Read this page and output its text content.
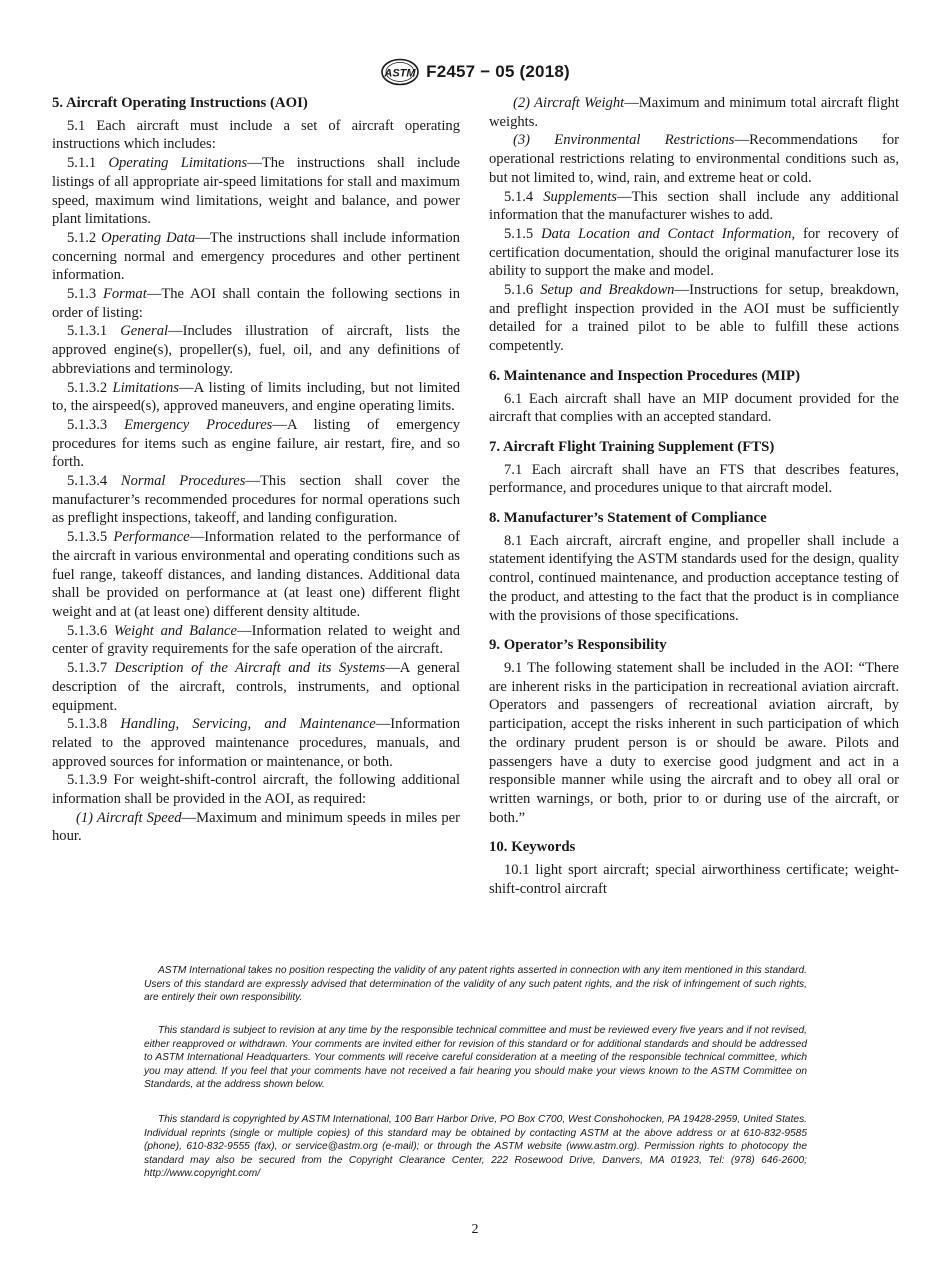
ASTM F2457 − 05 (2018)
5. Aircraft Operating Instructions (AOI)

5.1 Each aircraft must include a set of aircraft operating instructions which includes:

5.1.1 Operating Limitations—The instructions shall include listings of all appropriate air-speed limitations for stall and maximum speed, maximum wind limitations, weight and balance, and power plant limitations.

5.1.2 Operating Data—The instructions shall include information concerning normal and emergency procedures and other pertinent information.

5.1.3 Format—The AOI shall contain the following sections in order of listing:

5.1.3.1 General—Includes illustration of aircraft, lists the approved engine(s), propeller(s), fuel, oil, and any definitions of abbreviations and terminology.

5.1.3.2 Limitations—A listing of limits including, but not limited to, the airspeed(s), approved maneuvers, and engine operating limits.

5.1.3.3 Emergency Procedures—A listing of emergency procedures for items such as engine failure, air restart, fire, and so forth.

5.1.3.4 Normal Procedures—This section shall cover the manufacturer’s recommended procedures for normal operations such as preflight inspections, takeoff, and landing configuration.

5.1.3.5 Performance—Information related to the performance of the aircraft in various environmental and operating conditions such as fuel range, takeoff distances, and landing distances. Additional data shall be provided on performance at (at least one) different flight weight and at (at least one) different density altitude.

5.1.3.6 Weight and Balance—Information related to weight and center of gravity requirements for the safe operation of the aircraft.

5.1.3.7 Description of the Aircraft and its Systems—A general description of the aircraft, controls, instruments, and optional equipment.

5.1.3.8 Handling, Servicing, and Maintenance—Information related to the approved maintenance procedures, manuals, and approved sources for information or maintenance, or both.

5.1.3.9 For weight-shift-control aircraft, the following additional information shall be provided in the AOI, as required:

(1) Aircraft Speed—Maximum and minimum speeds in miles per hour.

(2) Aircraft Weight—Maximum and minimum total aircraft flight weights.

(3) Environmental Restrictions—Recommendations for operational restrictions relating to environmental conditions such as, but not limited to, wind, rain, and extreme heat or cold.

5.1.4 Supplements—This section shall include any additional information that the manufacturer wishes to add.

5.1.5 Data Location and Contact Information, for recovery of certification documentation, should the original manufacturer lose its ability to support the make and model.

5.1.6 Setup and Breakdown—Instructions for setup, breakdown, and preflight inspection provided in the AOI must be sufficiently detailed for a trained pilot to be able to fulfill these actions competently.

6. Maintenance and Inspection Procedures (MIP)

6.1 Each aircraft shall have an MIP document provided for the aircraft that complies with an accepted standard.

7. Aircraft Flight Training Supplement (FTS)

7.1 Each aircraft shall have an FTS that describes features, performance, and procedures unique to that aircraft model.

8. Manufacturer’s Statement of Compliance

8.1 Each aircraft, aircraft engine, and propeller shall include a statement identifying the ASTM standards used for the design, quality control, continued maintenance, and production acceptance testing of the product, and attesting to the fact that the product is in compliance with the provisions of those specifications.

9. Operator’s Responsibility

9.1 The following statement shall be included in the AOI: “There are inherent risks in the participation in recreational aviation aircraft. Operators and passengers of recreational aviation aircraft, by participation, accept the risks inherent in such participation of which the ordinary prudent person is or should be aware. Pilots and passengers have a duty to exercise good judgment and act in a responsible manner while using the aircraft and to obey all oral or written warnings, or both, prior to or during use of the aircraft, or both.”

10. Keywords

10.1 light sport aircraft; special airworthiness certificate; weight-shift-control aircraft

ASTM International takes no position respecting the validity of any patent rights asserted in connection with any item mentioned in this standard. Users of this standard are expressly advised that determination of the validity of any such patent rights, and the risk of infringement of such rights, are entirely their own responsibility.

This standard is subject to revision at any time by the responsible technical committee and must be reviewed every five years and if not revised, either reapproved or withdrawn. Your comments are invited either for revision of this standard or for additional standards and should be addressed to ASTM International Headquarters. Your comments will receive careful consideration at a meeting of the responsible technical committee, which you may attend. If you feel that your comments have not received a fair hearing you should make your views known to the ASTM Committee on Standards, at the address shown below.

This standard is copyrighted by ASTM International, 100 Barr Harbor Drive, PO Box C700, West Conshohocken, PA 19428-2959, United States. Individual reprints (single or multiple copies) of this standard may be obtained by contacting ASTM at the above address or at 610-832-9585 (phone), 610-832-9555 (fax), or service@astm.org (e-mail); or through the ASTM website (www.astm.org). Permission rights to photocopy the standard may also be secured from the Copyright Clearance Center, 222 Rosewood Drive, Danvers, MA 01923, Tel: (978) 646-2600; http://www.copyright.com/

2
